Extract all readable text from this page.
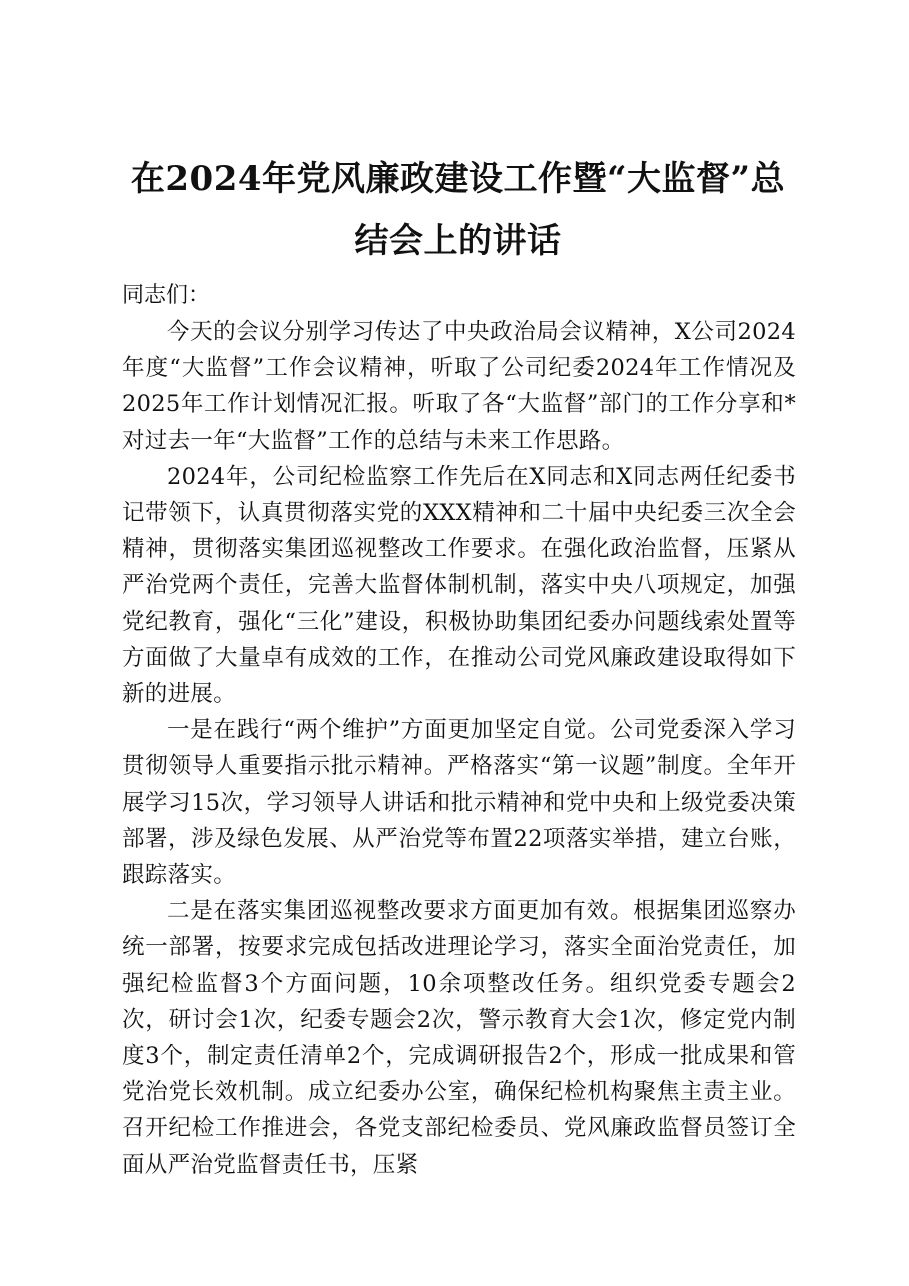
在2024年党风廉政建设工作暨“大监督”总结会上的讲话

同志们：

今天的会议分别学习传达了中央政治局会议精神，X公司2024年度“大监督”工作会议精神，听取了公司纪委2024年工作情况及2025年工作计划情况汇报。听取了各“大监督”部门的工作分享和*对过去一年“大监督”工作的总结与未来工作思路。

2024年，公司纪检监察工作先后在X同志和X同志两任纪委书记带领下，认真贯彻落实党的XXX精神和二十届中央纪委三次全会精神，贯彻落实集团巡视整改工作要求。在强化政治监督，压紧从严治党两个责任，完善大监督体制机制，落实中央八项规定，加强党纪教育，强化“三化”建设，积极协助集团纪委办问题线索处置等方面做了大量卓有成效的工作，在推动公司党风廉政建设取得如下新的进展。

一是在践行“两个维护”方面更加坚定自觉。公司党委深入学习贯彻领导人重要指示批示精神。严格落实“第一议题”制度。全年开展学习15次，学习领导人讲话和批示精神和党中央和上级党委决策部署，涉及绿色发展、从严治党等布置22项落实举措，建立台账，跟踪落实。

二是在落实集团巡视整改要求方面更加有效。根据集团巡察办统一部署，按要求完成包括改进理论学习，落实全面治党责任，加强纪检监督3个方面问题，10余项整改任务。组织党委专题会2次，研讨会1次，纪委专题会2次，警示教育大会1次，修定党内制度3个，制定责任清单2个，完成调研报告2个，形成一批成果和管党治党长效机制。成立纪委办公室，确保纪检机构聚焦主责主业。召开纪检工作推进会，各党支部纪检委员、党风廉政监督员签订全面从严治党监督责任书，压紧
